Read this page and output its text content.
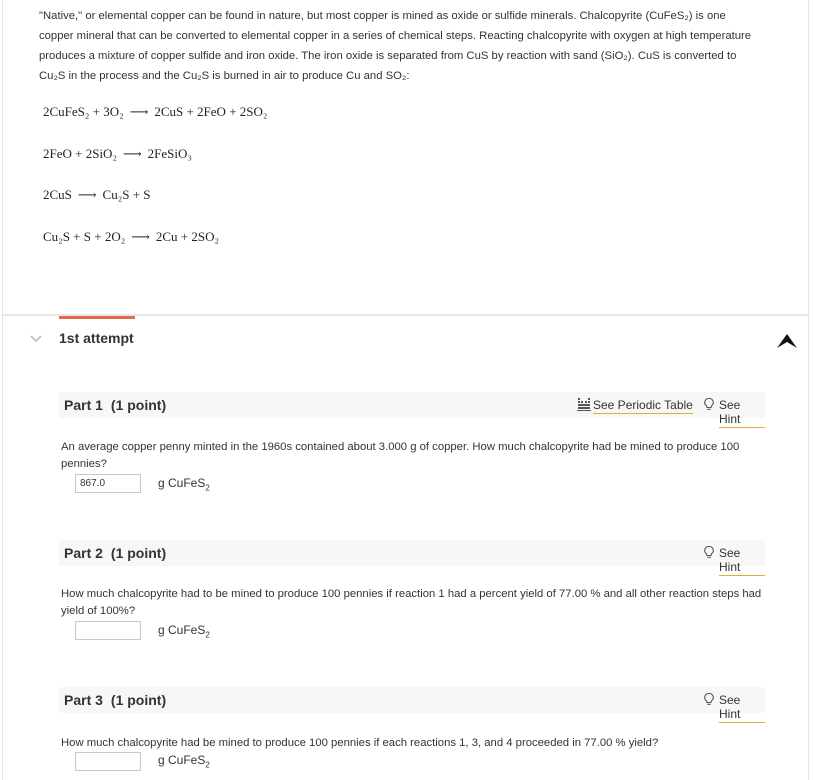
"Native," or elemental copper can be found in nature, but most copper is mined as oxide or sulfide minerals. Chalcopyrite (CuFeS₂) is one copper mineral that can be converted to elemental copper in a series of chemical steps. Reacting chalcopyrite with oxygen at high temperature produces a mixture of copper sulfide and iron oxide. The iron oxide is separated from CuS by reaction with sand (SiO₂). CuS is converted to Cu₂S in the process and the Cu₂S is burned in air to produce Cu and SO₂:
2CuFeS₂ + 3O₂ ⟶ 2CuS + 2FeO + 2SO₂
2FeO + 2SiO₂ ⟶ 2FeSiO₃
2CuS ⟶ Cu₂S + S
Cu₂S + S + 2O₂ ⟶ 2Cu + 2SO₂
1st attempt
Part 1 (1 point)	See Periodic Table See Hint
An average copper penny minted in the 1960s contained about 3.000 g of copper. How much chalcopyrite had be mined to produce 100 pennies?
867.0
g CuFeS$_2$
Part 2 (1 point)	See Hint
How much chalcopyrite had to be mined to produce 100 pennies if reaction 1 had a percent yield of 77.00 % and all other reaction steps had yield of 100%?
g CuFeS$_2$
Part 3 (1 point)	See Hint
How much chalcopyrite had be mined to produce 100 pennies if each reactions 1, 3, and 4 proceeded in 77.00 % yield?
g CuFeS$_2$
